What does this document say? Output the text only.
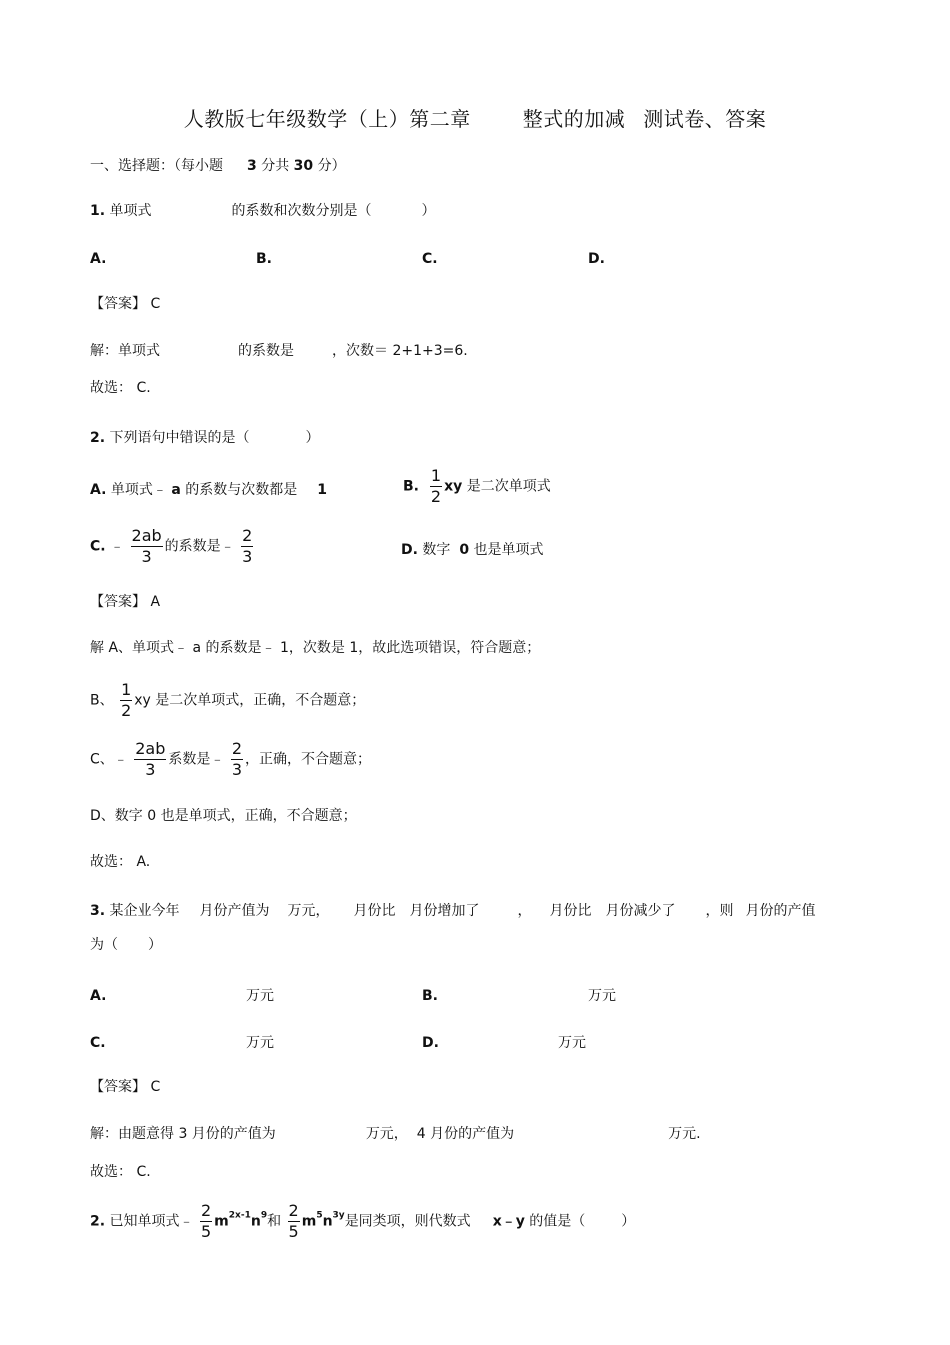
人教版七年级数学（上）第二章	整式的加减 测试卷、答案
一、选择题：（每小题 3 分共 30 分）
1. 单项式	的系数和次数分别是（	）
A.	B.	C.	D.
【答案】 C
解：单项式	的系数是	，次数＝ 2+1+3=6.
故选： C.
2. 下列语句中错误的是（	）
A. 单项式﹣ a 的系数与次数都是 1	B. $\frac{1}{2}$ xy 是二次单项式
C. ﹣ $\frac{2ab}{3}$ 的系数是﹣ $\frac{2}{3}$	D. 数字 0 也是单项式
【答案】 A
解 A、单项式﹣ a 的系数是﹣ 1，次数是 1，故此选项错误，符合题意；
B、 $\frac{1}{2}$ xy 是二次单项式，正确，不合题意；
C、﹣ $\frac{2ab}{3}$ 系数是﹣ $\frac{2}{3}$ ，正确，不合题意；
D、数字 0 也是单项式，正确，不合题意；
故选： A.
3. 某企业今年 月份产值为 万元， 月份比 月份增加了	， 月份比 月份减少了 ，则 月份的产值
为（ ）
A.	万元	B.	万元
C.	万元	D.	万元
【答案】 C
解：由题意得 3 月份的产值为	万元， 4 月份的产值为	万元.
故选： C.
2. 已知单项式﹣ $\frac{2}{5} m^{2x-1}n^9$和 $\frac{2}{5} m^5n^{3y}$是同类项，则代数式 x﹣y 的值是（	）
